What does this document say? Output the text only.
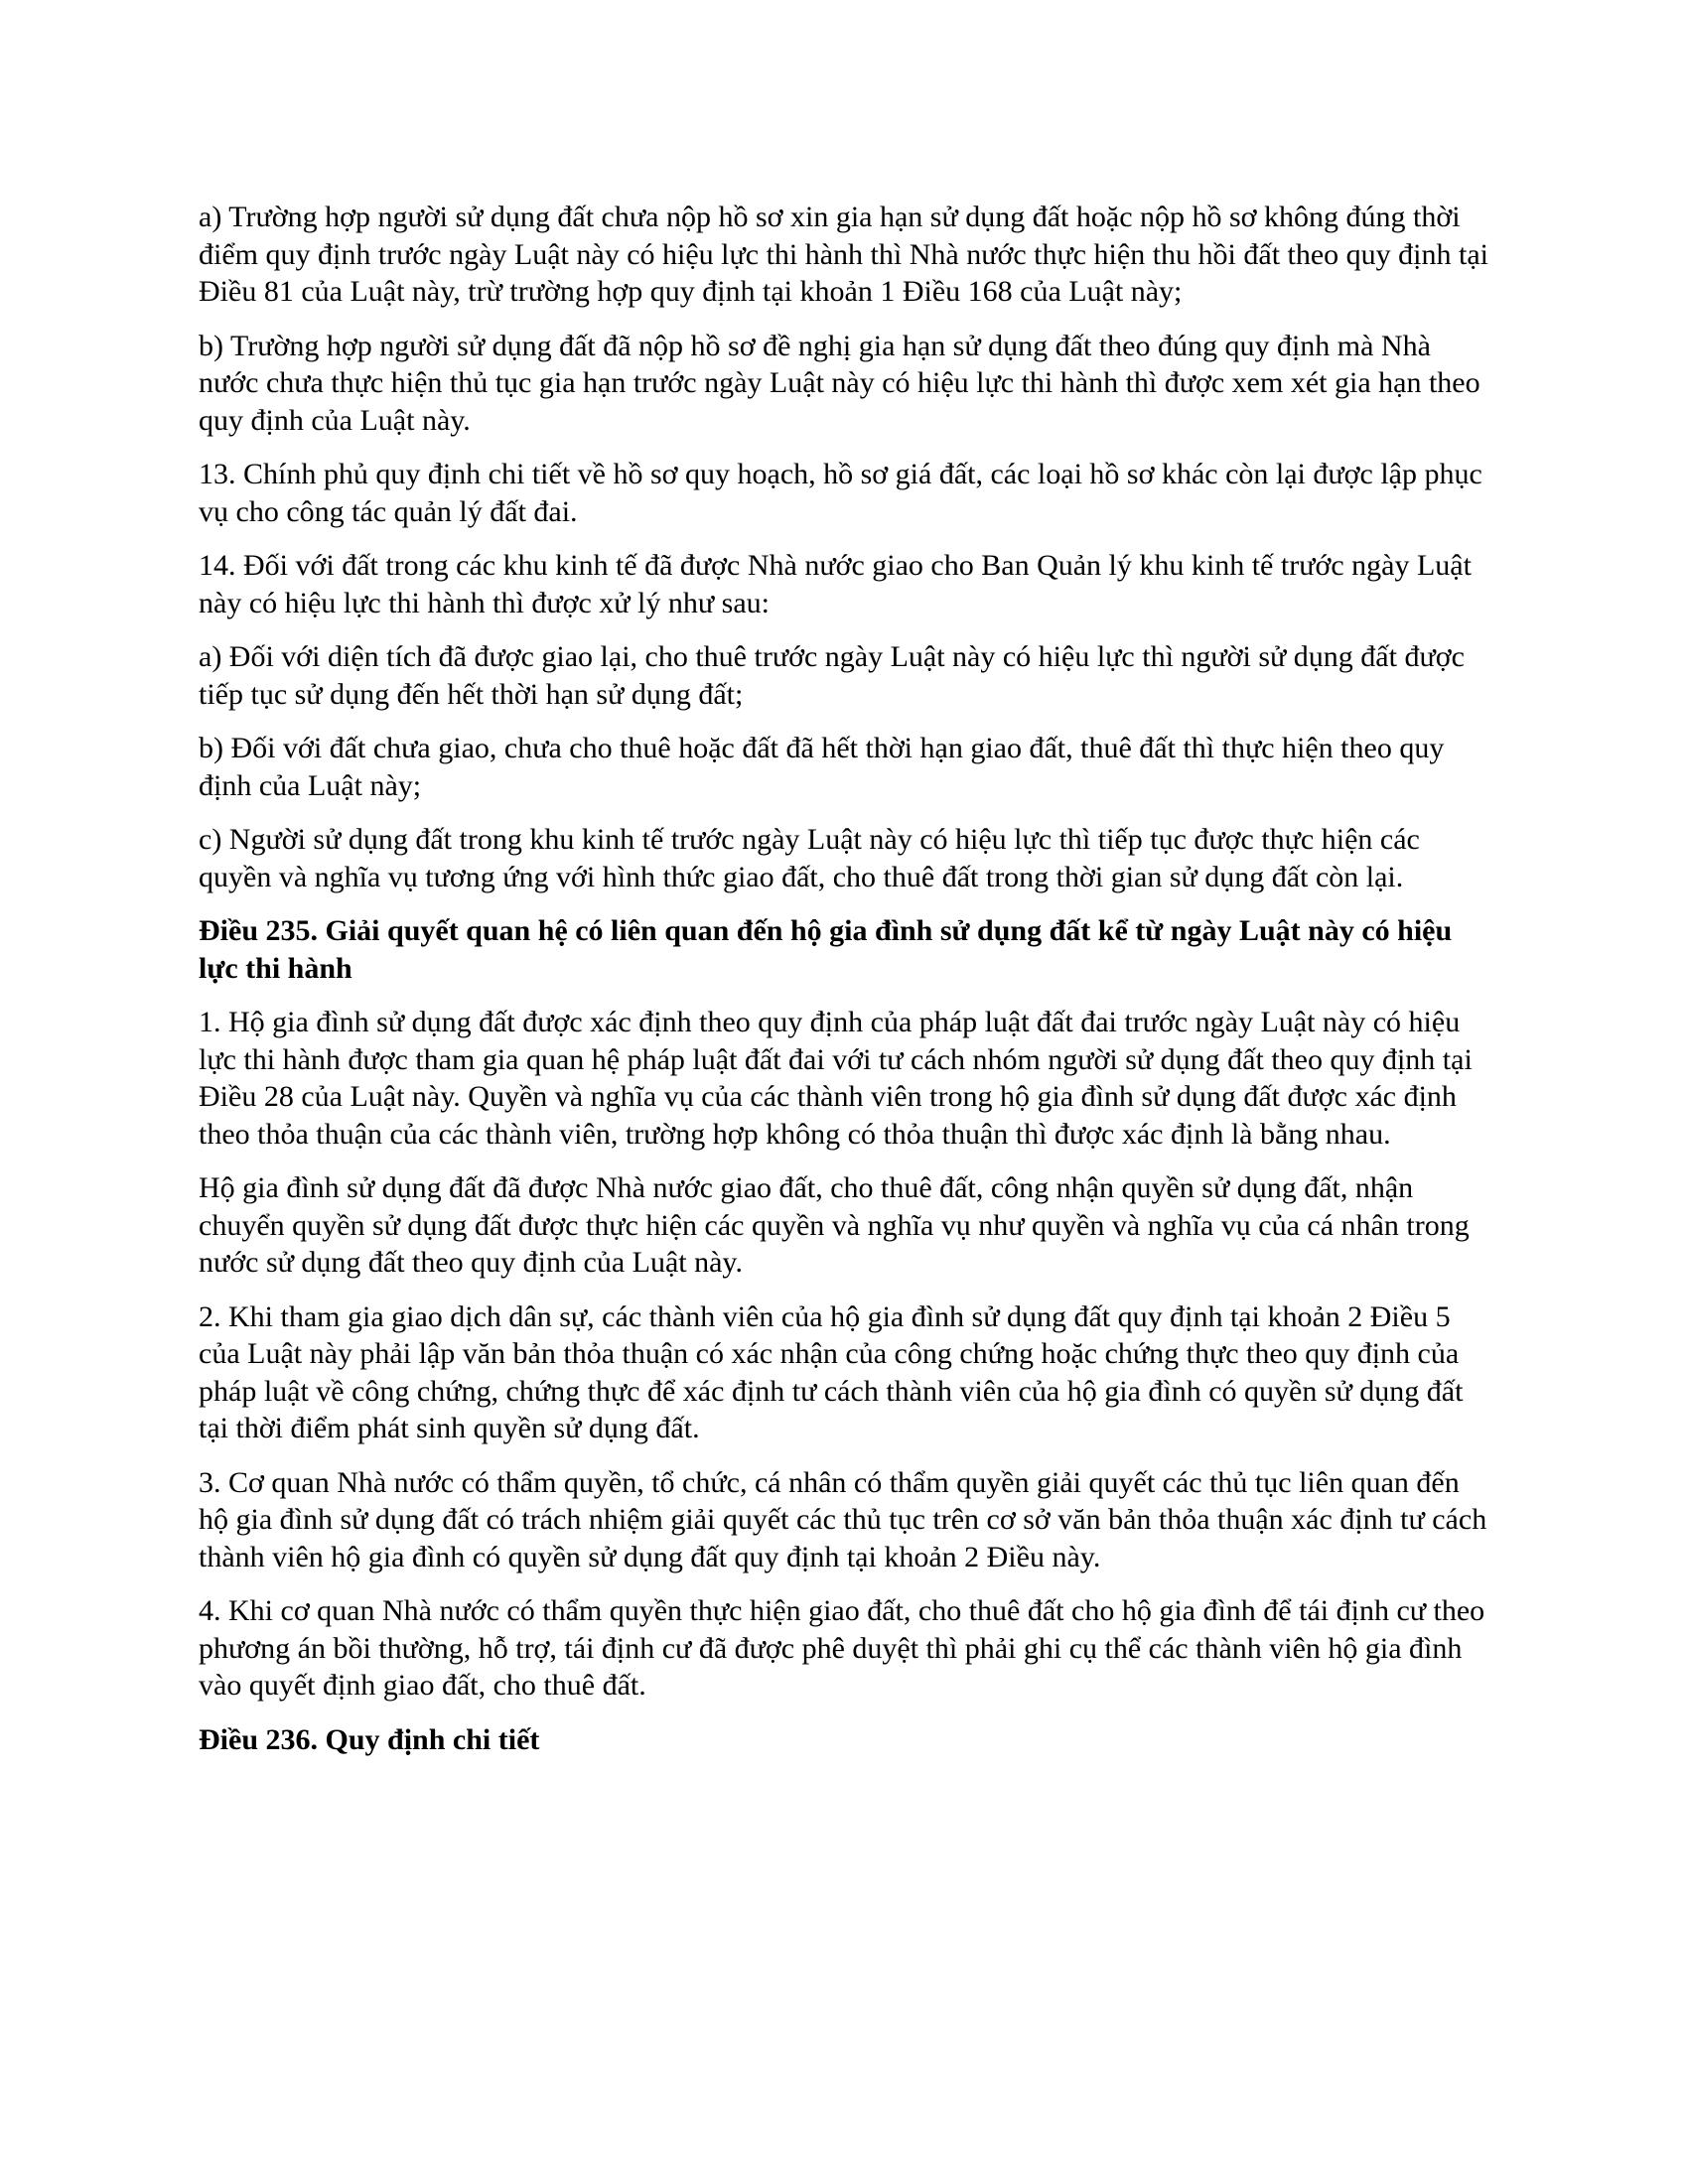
a) Trường hợp người sử dụng đất chưa nộp hồ sơ xin gia hạn sử dụng đất hoặc nộp hồ sơ không đúng thời điểm quy định trước ngày Luật này có hiệu lực thi hành thì Nhà nước thực hiện thu hồi đất theo quy định tại Điều 81 của Luật này, trừ trường hợp quy định tại khoản 1 Điều 168 của Luật này;

b) Trường hợp người sử dụng đất đã nộp hồ sơ đề nghị gia hạn sử dụng đất theo đúng quy định mà Nhà nước chưa thực hiện thủ tục gia hạn trước ngày Luật này có hiệu lực thi hành thì được xem xét gia hạn theo quy định của Luật này.

13. Chính phủ quy định chi tiết về hồ sơ quy hoạch, hồ sơ giá đất, các loại hồ sơ khác còn lại được lập phục vụ cho công tác quản lý đất đai.

14. Đối với đất trong các khu kinh tế đã được Nhà nước giao cho Ban Quản lý khu kinh tế trước ngày Luật này có hiệu lực thi hành thì được xử lý như sau:

a) Đối với diện tích đã được giao lại, cho thuê trước ngày Luật này có hiệu lực thì người sử dụng đất được tiếp tục sử dụng đến hết thời hạn sử dụng đất;

b) Đối với đất chưa giao, chưa cho thuê hoặc đất đã hết thời hạn giao đất, thuê đất thì thực hiện theo quy định của Luật này;

c) Người sử dụng đất trong khu kinh tế trước ngày Luật này có hiệu lực thì tiếp tục được thực hiện các quyền và nghĩa vụ tương ứng với hình thức giao đất, cho thuê đất trong thời gian sử dụng đất còn lại.

Điều 235. Giải quyết quan hệ có liên quan đến hộ gia đình sử dụng đất kể từ ngày Luật này có hiệu lực thi hành

1. Hộ gia đình sử dụng đất được xác định theo quy định của pháp luật đất đai trước ngày Luật này có hiệu lực thi hành được tham gia quan hệ pháp luật đất đai với tư cách nhóm người sử dụng đất theo quy định tại Điều 28 của Luật này. Quyền và nghĩa vụ của các thành viên trong hộ gia đình sử dụng đất được xác định theo thỏa thuận của các thành viên, trường hợp không có thỏa thuận thì được xác định là bằng nhau.

Hộ gia đình sử dụng đất đã được Nhà nước giao đất, cho thuê đất, công nhận quyền sử dụng đất, nhận chuyển quyền sử dụng đất được thực hiện các quyền và nghĩa vụ như quyền và nghĩa vụ của cá nhân trong nước sử dụng đất theo quy định của Luật này.

2. Khi tham gia giao dịch dân sự, các thành viên của hộ gia đình sử dụng đất quy định tại khoản 2 Điều 5 của Luật này phải lập văn bản thỏa thuận có xác nhận của công chứng hoặc chứng thực theo quy định của pháp luật về công chứng, chứng thực để xác định tư cách thành viên của hộ gia đình có quyền sử dụng đất tại thời điểm phát sinh quyền sử dụng đất.

3. Cơ quan Nhà nước có thẩm quyền, tổ chức, cá nhân có thẩm quyền giải quyết các thủ tục liên quan đến hộ gia đình sử dụng đất có trách nhiệm giải quyết các thủ tục trên cơ sở văn bản thỏa thuận xác định tư cách thành viên hộ gia đình có quyền sử dụng đất quy định tại khoản 2 Điều này.

4. Khi cơ quan Nhà nước có thẩm quyền thực hiện giao đất, cho thuê đất cho hộ gia đình để tái định cư theo phương án bồi thường, hỗ trợ, tái định cư đã được phê duyệt thì phải ghi cụ thể các thành viên hộ gia đình vào quyết định giao đất, cho thuê đất.

Điều 236. Quy định chi tiết
